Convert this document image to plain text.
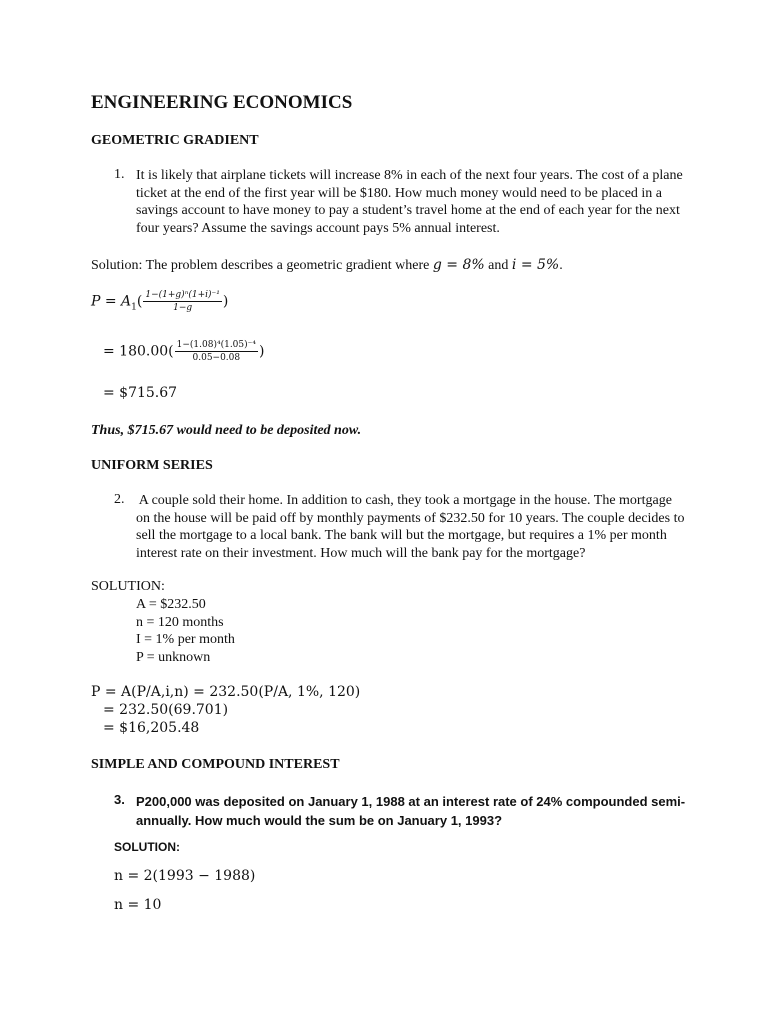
ENGINEERING ECONOMICS
GEOMETRIC GRADIENT
1. It is likely that airplane tickets will increase 8% in each of the next four years. The cost of a plane
ticket at the end of the first year will be $180. How much money would need to be placed in a
savings account to have money to pay a student’s travel home at the end of each year for the next
four years? Assume the savings account pays 5% annual interest.
Solution: The problem describes a geometric gradient where g = 8% and i = 5%.
$P = A_1( \frac{\text{1−(1+g)ⁿ(1+i)⁻¹}}{1-g}$ )
= $180.00( \frac{\text{1−(1.08)⁴(1.05)⁻⁴}}{0.05-0.08}$ )
= $715.67
Thus, $715.67 would need to be deposited now.
UNIFORM SERIES
2. A couple sold their home. In addition to cash, they took a mortgage in the house. The mortgage
on the house will be paid off by monthly payments of $232.50 for 10 years. The couple decides to
sell the mortgage to a local bank. The bank will but the mortgage, but requires a 1% per month
interest rate on their investment. How much will the bank pay for the mortgage?
SOLUTION:
A = $232.50
n = 120 months
I = 1% per month
P = unknown
P = A(P/A,i,n) = 232.50(P/A, 1%, 120)
= 232.50(69.701)
= $16,205.48
SIMPLE AND COMPOUND INTEREST
3. P200,000 was deposited on January 1, 1988 at an interest rate of 24% compounded semi-
annually. How much would the sum be on January 1, 1993?
SOLUTION:
n = 2(1993 − 1988)
n = 10
